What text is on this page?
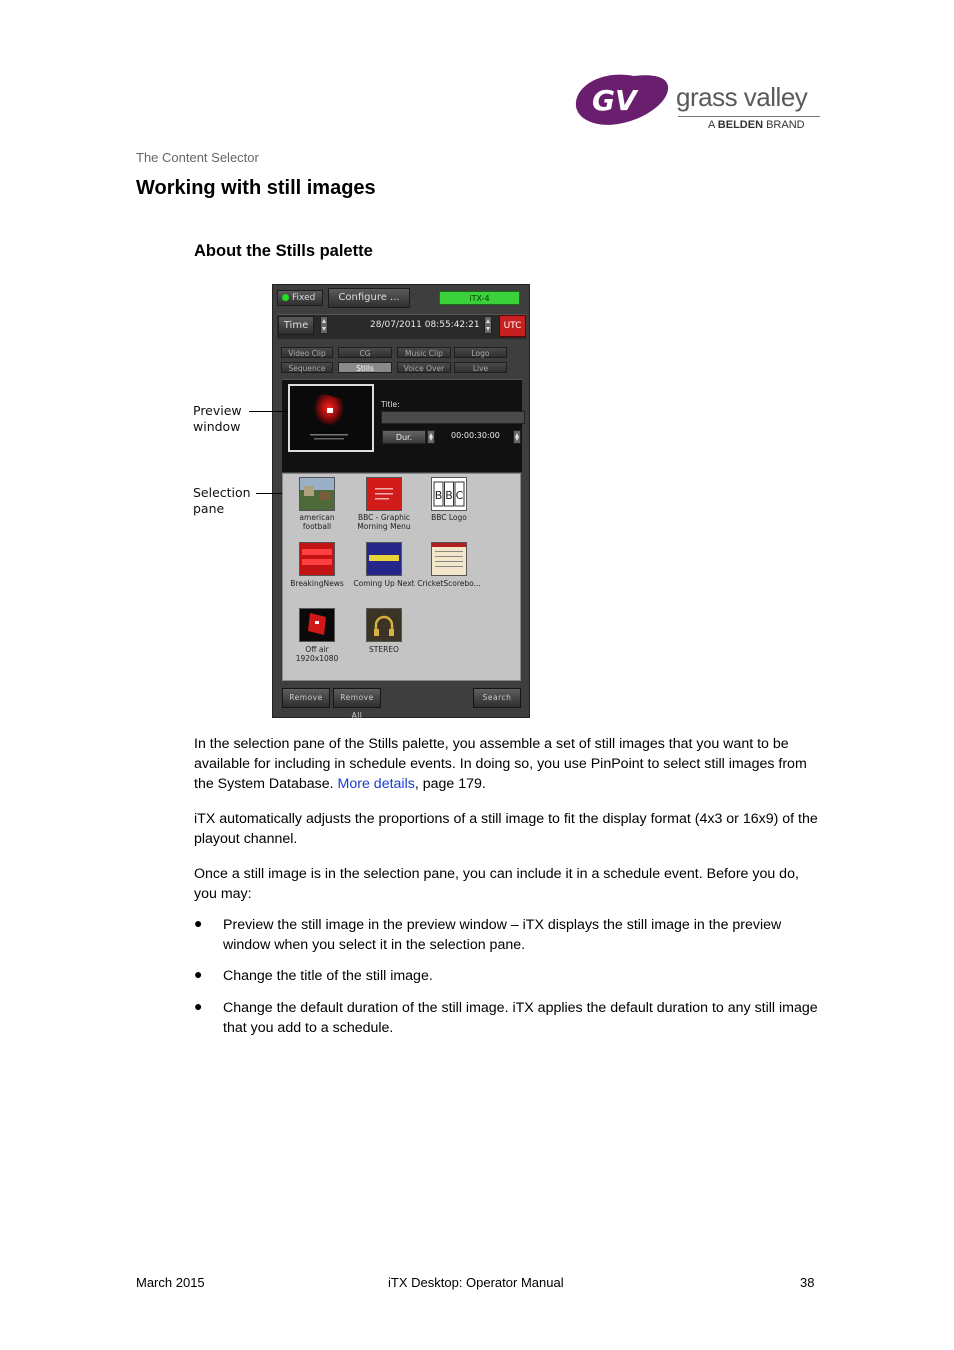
GV grass valley
A BELDEN BRAND
The Content Selector
Working with still images
About the Stills palette
Fixed	Configure ...	iTX-4
Time	28/07/2011 08:55:42:21	UTC
Video Clip	CG	Music Clip	Logo
Sequence	Stills	Voice Over	Live
Title:
Dur.	00:00:30:00
american football
BBC - Graphic Morning Menu
B B C
BBC Logo
BreakingNews	Coming Up Next CricketScorebo...
Off air 1920x1080
STEREO
Remove	Remove All
Search
Preview
window
Selection
pane
In the selection pane of the Stills palette, you assemble a set of still images that you want to be available for including in schedule events. In doing so, you use PinPoint to select still images from the System Database. More details, page 179.
iTX automatically adjusts the proportions of a still image to fit the display format (4x3 or 16x9) of the playout channel.
Once a still image is in the selection pane, you can include it in a schedule event. Before you do, you may:
● Preview the still image in the preview window – iTX displays the still image in the preview window when you select it in the selection pane.
● Change the title of the still image.
● Change the default duration of the still image. iTX applies the default duration to any still image that you add to a schedule.
March 2015	iTX Desktop: Operator Manual	38
